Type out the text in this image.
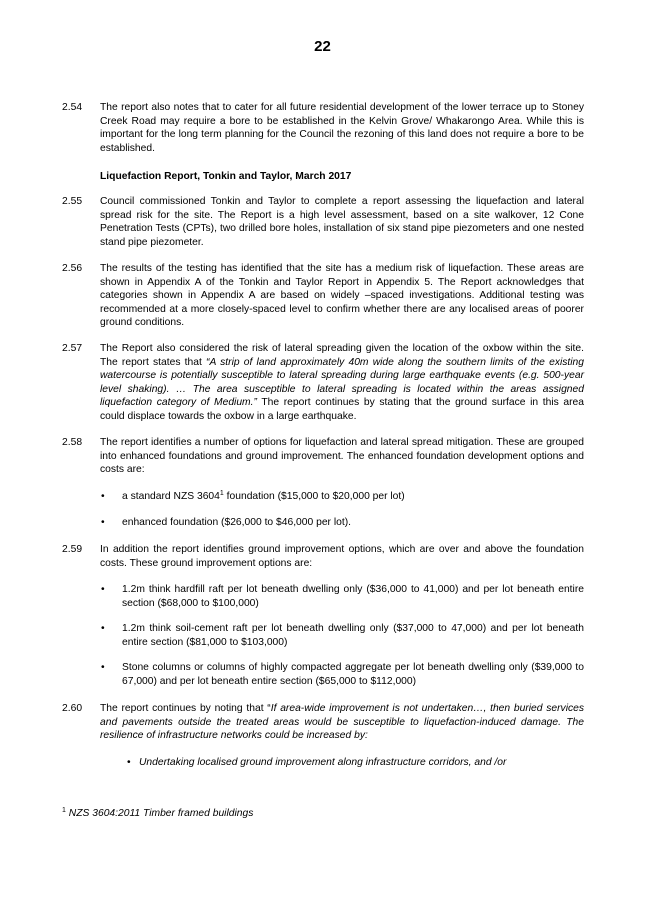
22
2.54	The report also notes that to cater for all future residential development of the lower terrace up to Stoney Creek Road may require a bore to be established in the Kelvin Grove/ Whakarongo Area. While this is important for the long term planning for the Council the rezoning of this land does not require a bore to be established.
Liquefaction Report, Tonkin and Taylor, March 2017
2.55	Council commissioned Tonkin and Taylor to complete a report assessing the liquefaction and lateral spread risk for the site. The Report is a high level assessment, based on a site walkover, 12 Cone Penetration Tests (CPTs), two drilled bore holes, installation of six stand pipe piezometers and one nested stand pipe piezometer.
2.56	The results of the testing has identified that the site has a medium risk of liquefaction. These areas are shown in Appendix A of the Tonkin and Taylor Report in Appendix 5. The Report acknowledges that categories shown in Appendix A are based on widely –spaced investigations. Additional testing was recommended at a more closely-spaced level to confirm whether there are any localised areas of poorer ground conditions.
2.57	The Report also considered the risk of lateral spreading given the location of the oxbow within the site. The report states that “A strip of land approximately 40m wide along the southern limits of the existing watercourse is potentially susceptible to lateral spreading during large earthquake events (e.g. 500-year level shaking). … The area susceptible to lateral spreading is located within the areas assigned liquefaction category of Medium.” The report continues by stating that the ground surface in this area could displace towards the oxbow in a large earthquake.
2.58	The report identifies a number of options for liquefaction and lateral spread mitigation. These are grouped into enhanced foundations and ground improvement. The enhanced foundation development options and costs are:
• a standard NZS 3604$^1$ foundation ($15,000 to $20,000 per lot)
• enhanced foundation ($26,000 to $46,000 per lot).
2.59	In addition the report identifies ground improvement options, which are over and above the foundation costs. These ground improvement options are:
• 1.2m think hardfill raft per lot beneath dwelling only ($36,000 to 41,000) and per lot beneath entire section ($68,000 to $100,000)
• 1.2m think soil-cement raft per lot beneath dwelling only ($37,000 to 47,000) and per lot beneath entire section ($81,000 to $103,000)
• Stone columns or columns of highly compacted aggregate per lot beneath dwelling only ($39,000 to 67,000) and per lot beneath entire section ($65,000 to $112,000)
2.60	The report continues by noting that “If area-wide improvement is not undertaken…, then buried services and pavements outside the treated areas would be susceptible to liquefaction-induced damage. The resilience of infrastructure networks could be increased by:
• Undertaking localised ground improvement along infrastructure corridors, and /or
$^1$ NZS 3604:2011 Timber framed buildings
